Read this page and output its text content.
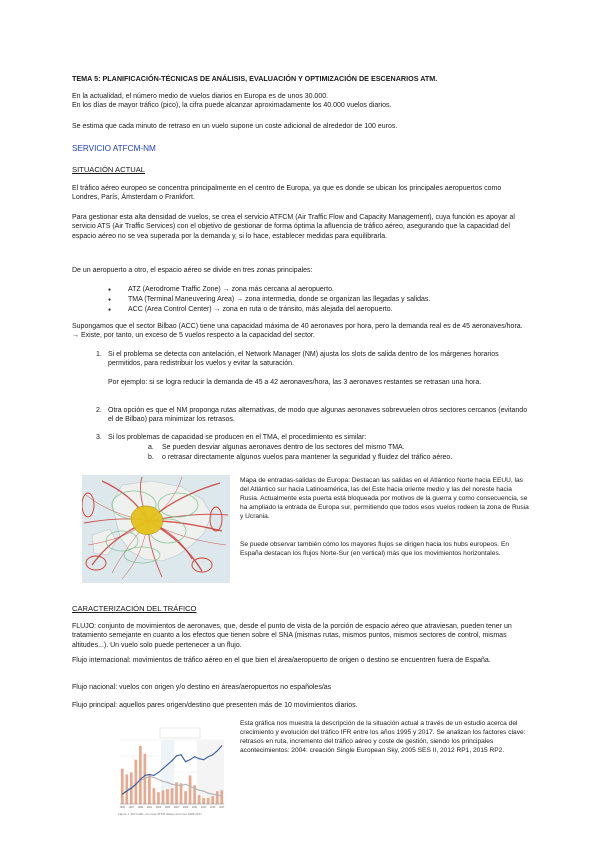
TEMA 5: PLANIFICACIÓN-TÉCNICAS DE ANÁLISIS, EVALUACIÓN Y OPTIMIZACIÓN DE ESCENARIOS ATM.

En la actualidad, el número medio de vuelos diarios en Europa es de unos 30.000.

En los días de mayor tráfico (pico), la cifra puede alcanzar aproximadamente los 40.000 vuelos diarios.

Se estima que cada minuto de retraso en un vuelo supone un coste adicional de alrededor de 100 euros.

SERVICIO ATFCM-NM

SITUACIÓN ACTUAL

El tráfico aéreo europeo se concentra principalmente en el centro de Europa, ya que es donde se ubican los principales aeropuertos como Londres, París, Ámsterdam o Frankfort.

Para gestionar esta alta densidad de vuelos, se crea el servicio ATFCM (Air Traffic Flow and Capacity Management), cuya función es apoyar al servicio ATS (Air Traffic Services) con el objetivo de gestionar de forma óptima la afluencia de tráfico aéreo, asegurando que la capacidad del espacio aéreo no se vea superada por la demanda y, si lo hace, establecer medidas para equilibrarla.

De un aeropuerto a otro, el espacio aéreo se divide en tres zonas principales:

● ATZ (Aerodrome Traffic Zone) → zona más cercana al aeropuerto.
● TMA (Terminal Maneuvering Area) → zona intermedia, donde se organizan las llegadas y salidas.
● ACC (Area Control Center) → zona en ruta o de tránsito, más alejada del aeropuerto.

Supongamos que el sector Bilbao (ACC) tiene una capacidad máxima de 40 aeronaves por hora, pero la demanda real es de 45 aeronaves/hora. → Existe, por tanto, un exceso de 5 vuelos respecto a la capacidad del sector.

1. Si el problema se detecta con antelación, el Network Manager (NM) ajusta los slots de salida dentro de los márgenes horarios permitidos, para redistribuir los vuelos y evitar la saturación.

Por ejemplo: si se logra reducir la demanda de 45 a 42 aeronaves/hora, las 3 aeronaves restantes se retrasan una hora.

2. Otra opción es que el NM proponga rutas alternativas, de modo que algunas aeronaves sobrevuelen otros sectores cercanos (evitando el de Bilbao) para minimizar los retrasos.
3. Si los problemas de capacidad se producen en el TMA, el procedimiento es similar:
a. Se pueden desviar algunas aeronaves dentro de los sectores del mismo TMA.
b. o retrasar directamente algunos vuelos para mantener la seguridad y fluidez del tráfico aéreo.

Mapa de entradas-salidas de Europa: Destacan las salidas en el Atlántico Norte hacia EEUU, las del Atlántico sur hacia Latinoamérica, las del Este hacia oriente medio y las del noreste hacia Rusia. Actualmente esta puerta está bloqueada por motivos de la guerra y como consecuencia, se ha ampliado la entrada de Europa sur, permitiendo que todos esos vuelos rodeen la zona de Rusia y Ucrania.

Se puede observar también cómo los mayores flujos se dirigen hacia los hubs europeos. En España destacan los flujos Norte-Sur (en vertical) más que los movimientos horizontales.

CARACTERIZACIÓN DEL TRÁFICO

FLUJO: conjunto de movimientos de aeronaves, que, desde el punto de vista de la porción de espacio aéreo que atraviesan, pueden tener un tratamiento semejante en cuanto a los efectos que tienen sobre el SNA (mismas rutas, mismos puntos, mismos sectores de control, mismas altitudes...). Un vuelo solo puede pertenecer a un flujo.

Flujo internacional: movimientos de tráfico aéreo en el que bien el área/aeropuerto de origen o destino se encuentren fuera de España.

Flujo nacional: vuelos con origen y/o destino en áreas/aeropuertos no españoles/as

Flujo principal: aquellos pares origen/destino que presenten más de 10 movimientos diarios.

1995 1997 1999 2001 2003 2005 2007 2009 2011 2013 2015 2017
Figure 1: IFR traffic, en-route ATFM delays and cost 1995-2017

Esta gráfica nos muestra la descripción de la situación actual a través de un estudio acerca del crecimiento y evolución del tráfico IFR entre los años 1995 y 2017. Se analizan los factores clave: retrasos en ruta, incremento del tráfico aéreo y coste de gestión, siendo los principales acontecimientos: 2004: creación Single European Sky, 2005 SES II, 2012 RP1, 2015 RP2.
